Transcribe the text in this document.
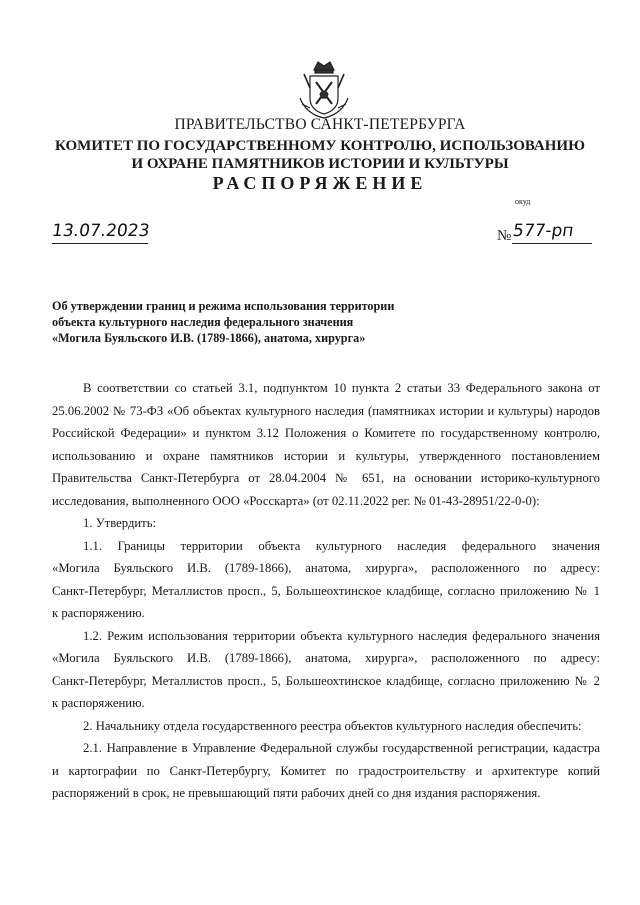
ПРАВИТЕЛЬСТВО САНКТ-ПЕТЕРБУРГА
КОМИТЕТ ПО ГОСУДАРСТВЕННОМУ КОНТРОЛЮ, ИСПОЛЬЗОВАНИЮ
И ОХРАНЕ ПАМЯТНИКОВ ИСТОРИИ И КУЛЬТУРЫ
РАСПОРЯЖЕНИЕ
окуд
13.07.2023	№ 577-рп
Об утверждении границ и режима использования территории
объекта культурного наследия федерального значения
«Могила Буяльского И.В. (1789-1866), анатома, хирурга»
В соответствии со статьей 3.1, подпунктом 10 пункта 2 статьи 33 Федерального закона от
25.06.2002 № 73-ФЗ «Об объектах культурного наследия (памятниках истории и культуры) народов
Российской Федерации» и пунктом 3.12 Положения о Комитете по государственному контролю,
использованию и охране памятников истории и культуры, утвержденного постановлением
Правительства Санкт-Петербурга от 28.04.2004 № 651, на основании историко-культурного
исследования, выполненного ООО «Росскарта» (от 02.11.2022 рег. № 01-43-28951/22-0-0):
1. Утвердить:
1.1. Границы территории объекта культурного наследия федерального значения
«Могила Буяльского И.В. (1789-1866), анатома, хирурга», расположенного по адресу:
Санкт-Петербург, Металлистов просп., 5, Большеохтинское кладбище, согласно приложению № 1
к распоряжению.
1.2. Режим использования территории объекта культурного наследия федерального значения
«Могила Буяльского И.В. (1789-1866), анатома, хирурга», расположенного по адресу:
Санкт-Петербург, Металлистов просп., 5, Большеохтинское кладбище, согласно приложению № 2
к распоряжению.
2. Начальнику отдела государственного реестра объектов культурного наследия обеспечить:
2.1. Направление в Управление Федеральной службы государственной регистрации, кадастра
и картографии по Санкт-Петербургу, Комитет по градостроительству и архитектуре копий
распоряжений в срок, не превышающий пяти рабочих дней со дня издания распоряжения.
